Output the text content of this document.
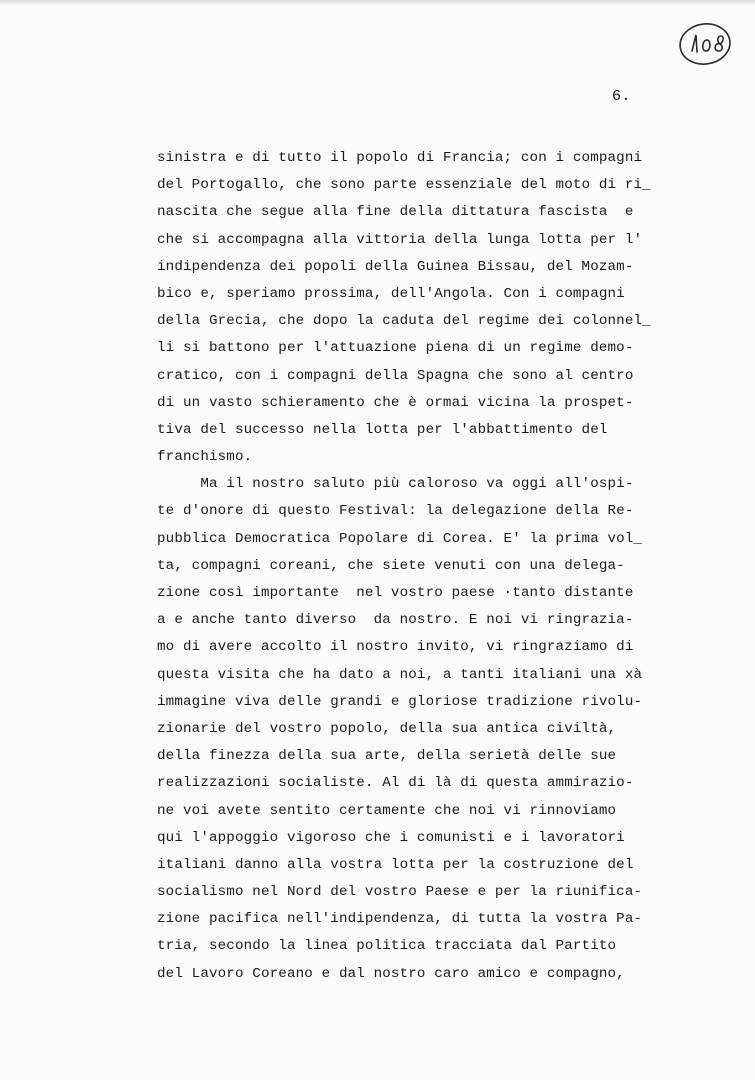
6.
sinistra e di tutto il popolo di Francia; con i compagni
del Portogallo, che sono parte essenziale del moto di ri_
nascita che segue alla fine della dittatura fascista  e
che si accompagna alla vittoria della lunga lotta per l'
indipendenza dei popoli della Guinea Bissau, del Mozam-
bico e, speriamo prossima, dell'Angola. Con i compagni
della Grecia, che dopo la caduta del regime dei colonnel_
li si battono per l'attuazione piena di un regime demo-
cratico, con i compagni della Spagna che sono al centro
di un vasto schieramento che è ormai vicina la prospet-
tiva del successo nella lotta per l'abbattimento del
franchismo.
Ma il nostro saluto più caloroso va oggi all'ospi-
te d'onore di questo Festival: la delegazione della Re-
pubblica Democratica Popolare di Corea. E' la prima vol_
ta, compagni coreani, che siete venuti con una delega-
zione così importante  nel vostro paese ·tanto distante
a e anche tanto diverso  da nostro. E noi vi ringrazia-
mo di avere accolto il nostro invito, vi ringraziamo di
questa visita che ha dato a noi, a tanti italiani una xà
immagine viva delle grandi e gloriose tradizione rivolu-
zionarie del vostro popolo, della sua antica civiltà,
della finezza della sua arte, della serietà delle sue
realizzazioni socialiste. Al di là di questa ammirazio-
ne voi avete sentito certamente che noi vi rinnoviamo
qui l'appoggio vigoroso che i comunisti e i lavoratori
italiani danno alla vostra lotta per la costruzione del
socialismo nel Nord del vostro Paese e per la riunifica-
zione pacifica nell'indipendenza, di tutta la vostra Pa-
tria, secondo la linea politica tracciata dal Partito
del Lavoro Coreano e dal nostro caro amico e compagno,
